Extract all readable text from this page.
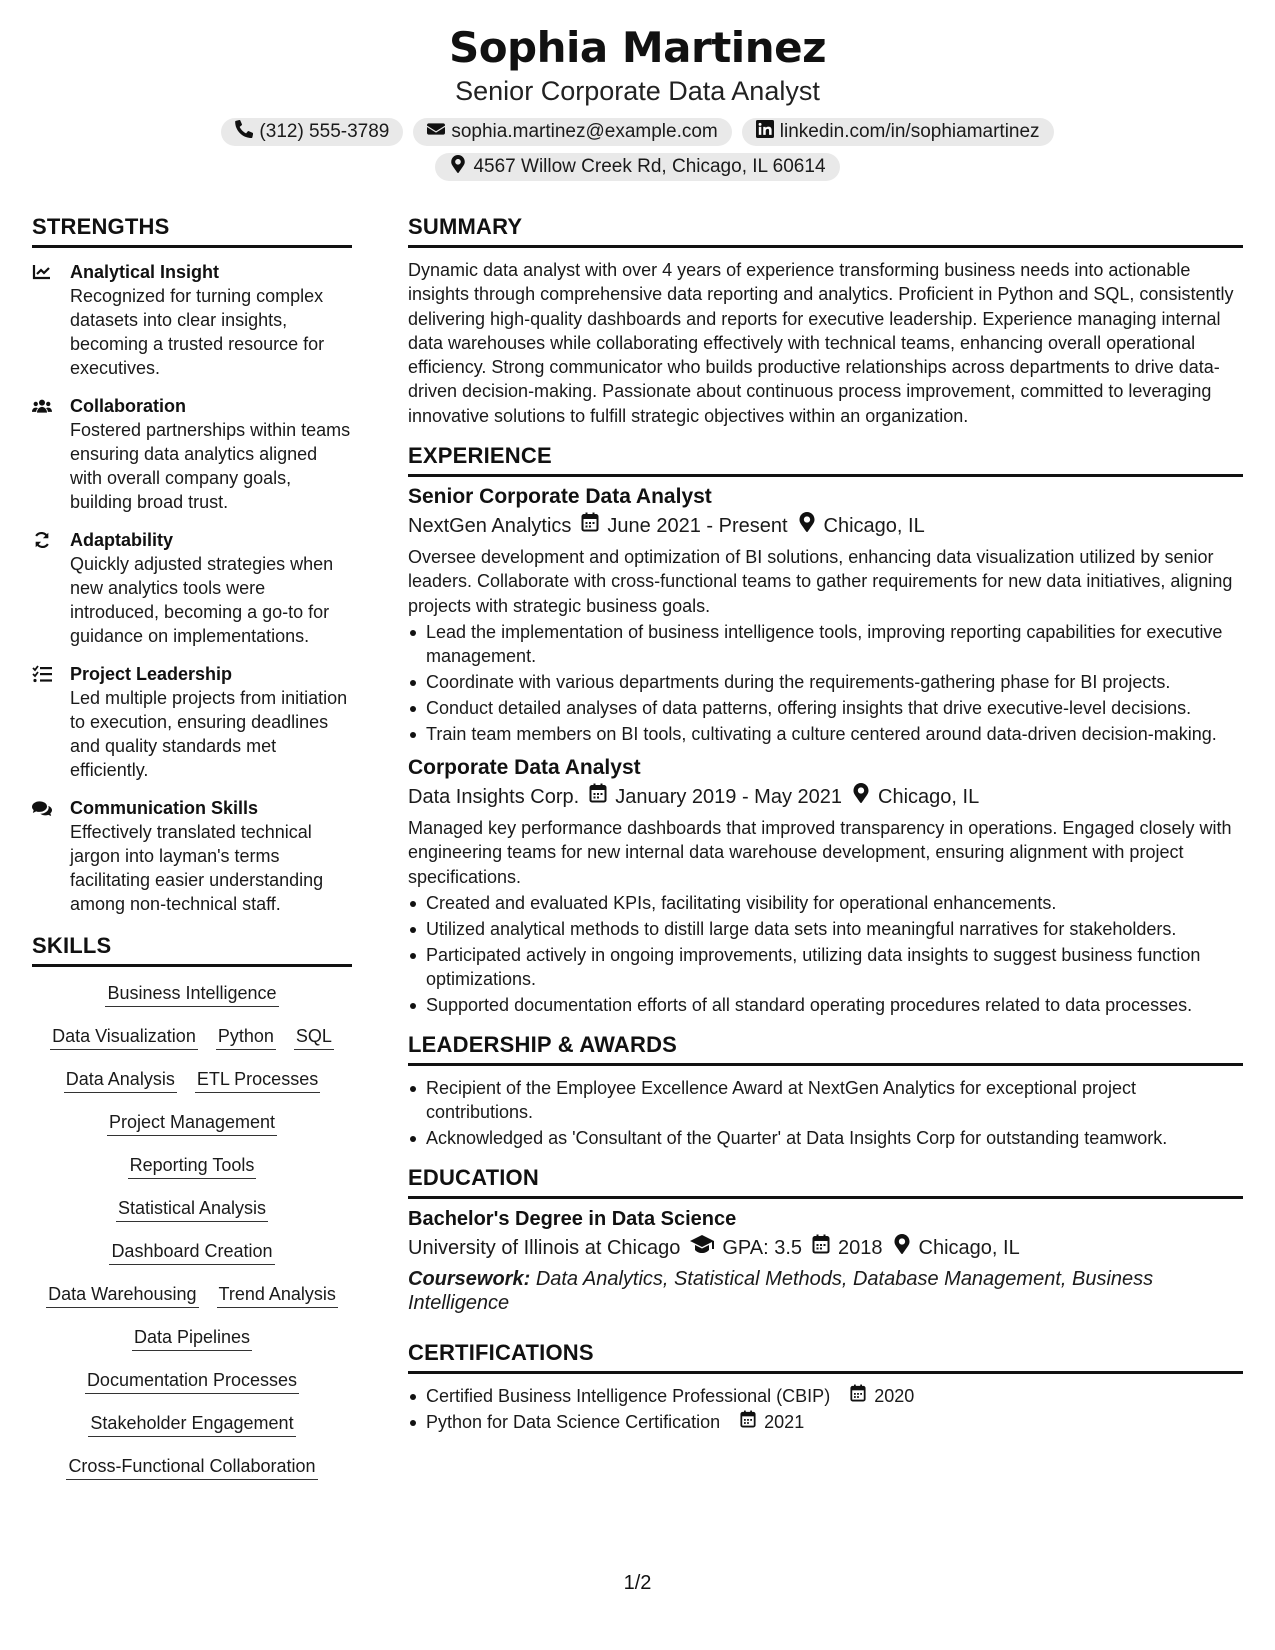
Sophia Martinez
Senior Corporate Data Analyst
(312) 555-3789	sophia.martinez@example.com	linkedin.com/in/sophiamartinez
4567 Willow Creek Rd, Chicago, IL 60614
STRENGTHS
Analytical Insight
Recognized for turning complex datasets into clear insights, becoming a trusted resource for executives.
Collaboration
Fostered partnerships within teams ensuring data analytics aligned with overall company goals, building broad trust.
Adaptability
Quickly adjusted strategies when new analytics tools were introduced, becoming a go-to for guidance on implementations.
Project Leadership
Led multiple projects from initiation to execution, ensuring deadlines and quality standards met efficiently.
Communication Skills
Effectively translated technical jargon into layman's terms facilitating easier understanding among non-technical staff.
SKILLS
Business Intelligence
Data Visualization Python SQL
Data Analysis ETL Processes
Project Management
Reporting Tools
Statistical Analysis
Dashboard Creation
Data Warehousing Trend Analysis
Data Pipelines
Documentation Processes
Stakeholder Engagement
Cross-Functional Collaboration
SUMMARY

Dynamic data analyst with over 4 years of experience transforming business needs into actionable insights through comprehensive data reporting and analytics. Proficient in Python and SQL, consistently delivering high-quality dashboards and reports for executive leadership. Experience managing internal data warehouses while collaborating effectively with technical teams, enhancing overall operational efficiency. Strong communicator who builds productive relationships across departments to drive data-driven decision-making. Passionate about continuous process improvement, committed to leveraging innovative solutions to fulfill strategic objectives within an organization.

EXPERIENCE
Senior Corporate Data Analyst
NextGen Analytics June 2021 - Present Chicago, IL

Oversee development and optimization of BI solutions, enhancing data visualization utilized by senior leaders. Collaborate with cross-functional teams to gather requirements for new data initiatives, aligning projects with strategic business goals.

Lead the implementation of business intelligence tools, improving reporting capabilities for executive management.
Coordinate with various departments during the requirements-gathering phase for BI projects.
Conduct detailed analyses of data patterns, offering insights that drive executive-level decisions.
Train team members on BI tools, cultivating a culture centered around data-driven decision-making.
Corporate Data Analyst
Data Insights Corp. January 2019 - May 2021 Chicago, IL

Managed key performance dashboards that improved transparency in operations. Engaged closely with engineering teams for new internal data warehouse development, ensuring alignment with project specifications.

Created and evaluated KPIs, facilitating visibility for operational enhancements.
Utilized analytical methods to distill large data sets into meaningful narratives for stakeholders.
Participated actively in ongoing improvements, utilizing data insights to suggest business function optimizations.
Supported documentation efforts of all standard operating procedures related to data processes.
LEADERSHIP & AWARDS
Recipient of the Employee Excellence Award at NextGen Analytics for exceptional project contributions.
Acknowledged as 'Consultant of the Quarter' at Data Insights Corp for outstanding teamwork.
EDUCATION
Bachelor's Degree in Data Science
University of Illinois at Chicago GPA: 3.5 2018 Chicago, IL
Coursework: Data Analytics, Statistical Methods, Database Management, Business Intelligence
CERTIFICATIONS
Certified Business Intelligence Professional (CBIP) 2020
Python for Data Science Certification 2021
1/2
